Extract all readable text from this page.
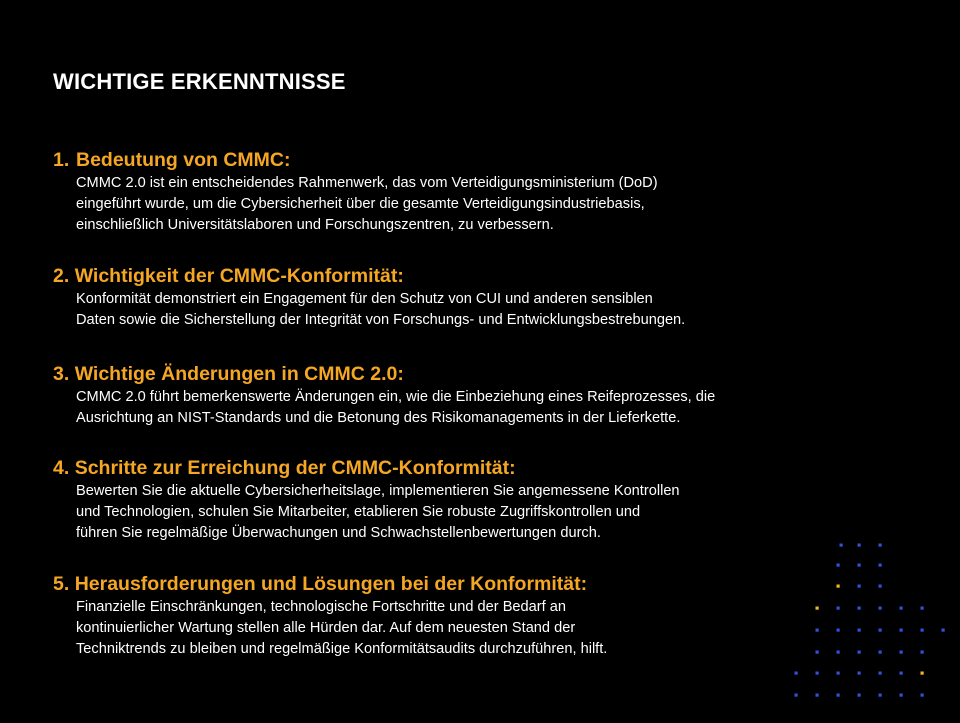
WICHTIGE ERKENNTNISSE
1. Bedeutung von CMMC:
CMMC 2.0 ist ein entscheidendes Rahmenwerk, das vom Verteidigungsministerium (DoD)
eingeführt wurde, um die Cybersicherheit über die gesamte Verteidigungsindustriebasis,
einschließlich Universitätslaboren und Forschungszentren, zu verbessern.
2. Wichtigkeit der CMMC-Konformität:
Konformität demonstriert ein Engagement für den Schutz von CUI und anderen sensiblen
Daten sowie die Sicherstellung der Integrität von Forschungs- und Entwicklungsbestrebungen.
3. Wichtige Änderungen in CMMC 2.0:
CMMC 2.0 führt bemerkenswerte Änderungen ein, wie die Einbeziehung eines Reifeprozesses, die
Ausrichtung an NIST-Standards und die Betonung des Risikomanagements in der Lieferkette.
4. Schritte zur Erreichung der CMMC-Konformität:
Bewerten Sie die aktuelle Cybersicherheitslage, implementieren Sie angemessene Kontrollen
und Technologien, schulen Sie Mitarbeiter, etablieren Sie robuste Zugriffskontrollen und
führen Sie regelmäßige Überwachungen und Schwachstellenbewertungen durch.
5. Herausforderungen und Lösungen bei der Konformität:
Finanzielle Einschränkungen, technologische Fortschritte und der Bedarf an
kontinuierlicher Wartung stellen alle Hürden dar. Auf dem neuesten Stand der
Techniktrends zu bleiben und regelmäßige Konformitätsaudits durchzuführen, hilft.
